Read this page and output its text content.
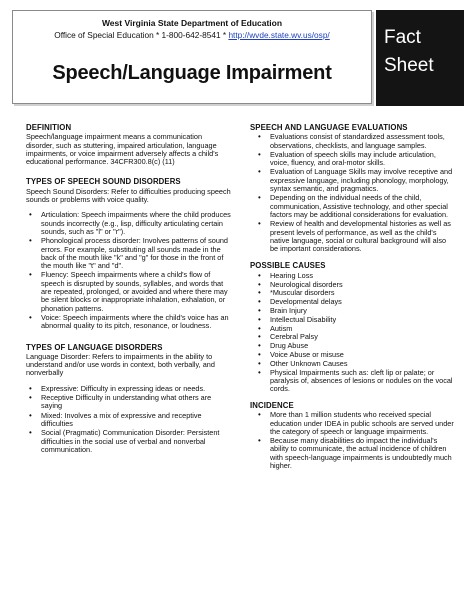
West Virginia State Department of Education
Office of Special Education * 1-800-642-8541 * http://wvde.state.wv.us/osp/
Speech/Language Impairment
Fact
Sheet
DEFINITION
Speech/language impairment means a communication disorder, such as stuttering, impaired articulation, language impairments, or voice impairment adversely affects a child's educational performance. 34CFR300.8(c) (11)
TYPES OF SPEECH SOUND DISORDERS
Speech Sound Disorders: Refer to difficulties producing speech sounds or problems with voice quality.
• Articulation: Speech impairments where the child produces sounds incorrectly (e.g., lisp, difficulty articulating certain sounds, such as "l" or "r").
• Phonological process disorder: Involves patterns of sound errors. For example, substituting all sounds made in the back of the mouth like "k" and "g" for those in the front of the mouth like "t" and "d".
• Fluency: Speech impairments where a child's flow of speech is disrupted by sounds, syllables, and words that are repeated, prolonged, or avoided and where there may be silent blocks or inappropriate inhalation, exhalation, or phonation patterns.
• Voice: Speech impairments where the child's voice has an abnormal quality to its pitch, resonance, or loudness.
TYPES OF LANGUAGE DISORDERS
Language Disorder: Refers to impairments in the ability to understand and/or use words in context, both verbally, and nonverbally
• Expressive: Difficulty in expressing ideas or needs.
• Receptive Difficulty in understanding what others are saying
• Mixed: Involves a mix of expressive and receptive difficulties
• Social (Pragmatic) Communication Disorder: Persistent difficulties in the social use of verbal and nonverbal communication.
SPEECH AND LANGUAGE EVALUATIONS
• Evaluations consist of standardized assessment tools, observations, checklists, and language samples.
• Evaluation of speech skills may include articulation, voice, fluency, and oral-motor skills.
• Evaluation of Language Skills may involve receptive and expressive language, including phonology, morphology, syntax semantic, and pragmatics.
• Depending on the individual needs of the child, communication, Assistive technology, and other special factors may be additional considerations for evaluation.
• Review of health and developmental histories as well as present levels of performance, as well as the child's native language, social or cultural background will also be important considerations.
POSSIBLE CAUSES
• Hearing Loss
• Neurological disorders
• *Muscular disorders
• Developmental delays
• Brain Injury
• Intellectual Disability
• Autism
• Cerebral Palsy
• Drug Abuse
• Voice Abuse or misuse
• Other Unknown Causes
• Physical Impairments such as: cleft lip or palate; or paralysis of, absences of lesions or nodules on the vocal cords.
INCIDENCE
• More than 1 million students who received special education under IDEA in public schools are served under the category of speech or language impairments.
• Because many disabilities do impact the individual's ability to communicate, the actual incidence of children with speech-language impairments is undoubtedly much higher.
